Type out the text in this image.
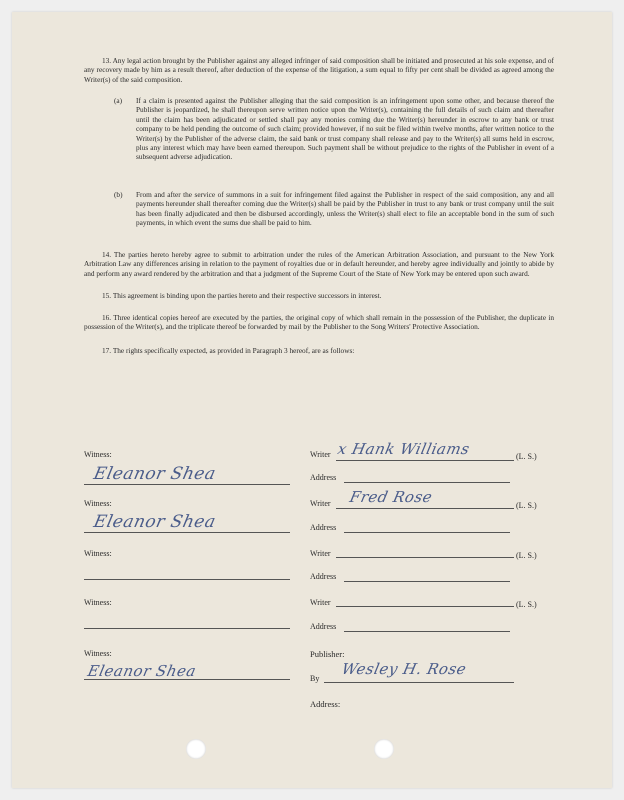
13. Any legal action brought by the Publisher against any alleged infringer of said composition shall be initiated and prosecuted at his sole expense, and of any recovery made by him as a result thereof, after deduction of the expense of the litigation, a sum equal to fifty per cent shall be divided as agreed among the Writer(s) of the said composition.
(a) If a claim is presented against the Publisher alleging that the said composition is an infringement upon some other, and because thereof the Publisher is jeopardized, he shall thereupon serve written notice upon the Writer(s), containing the full details of such claim and thereafter until the claim has been adjudicated or settled shall pay any monies coming due the Writer(s) hereunder in escrow to any bank or trust company to be held pending the outcome of such claim; provided however, if no suit be filed within twelve months, after written notice to the Writer(s) by the Publisher of the adverse claim, the said bank or trust company shall release and pay to the Writer(s) all sums held in escrow, plus any interest which may have been earned thereupon. Such payment shall be without prejudice to the rights of the Publisher in event of a subsequent adverse adjudication.
(b) From and after the service of summons in a suit for infringement filed against the Publisher in respect of the said composition, any and all payments hereunder shall thereafter coming due the Writer(s) shall be paid by the Publisher in trust to any bank or trust company until the suit has been finally adjudicated and then be disbursed accordingly, unless the Writer(s) shall elect to file an acceptable bond in the sum of such payments, in which event the sums due shall be paid to him.
14. The parties hereto hereby agree to submit to arbitration under the rules of the American Arbitration Association, and pursuant to the New York Arbitration Law any differences arising in relation to the payment of royalties due or in default hereunder, and hereby agree individually and jointly to abide by and perform any award rendered by the arbitration and that a judgment of the Supreme Court of the State of New York may be entered upon such award.
15. This agreement is binding upon the parties hereto and their respective successors in interest.
16. Three identical copies hereof are executed by the parties, the original copy of which shall remain in the possession of the Publisher, the duplicate in possession of the Writer(s), and the triplicate thereof be forwarded by mail by the Publisher to the Song Writers' Protective Association.
17. The rights specifically expected, as provided in Paragraph 3 hereof, are as follows:
Witness:
Eleanor Shea
Writer x Hank Williams	(L. S.)
Address
Witness:
Eleanor Shea
Writer Fred Rose	(L. S.)
Address
Witness:	Writer	(L. S.)
Address
Witness:	Writer	(L. S.)
Address
Witness:
Eleanor Shea
Publisher:
By
Wesley H. Rose
Address:
